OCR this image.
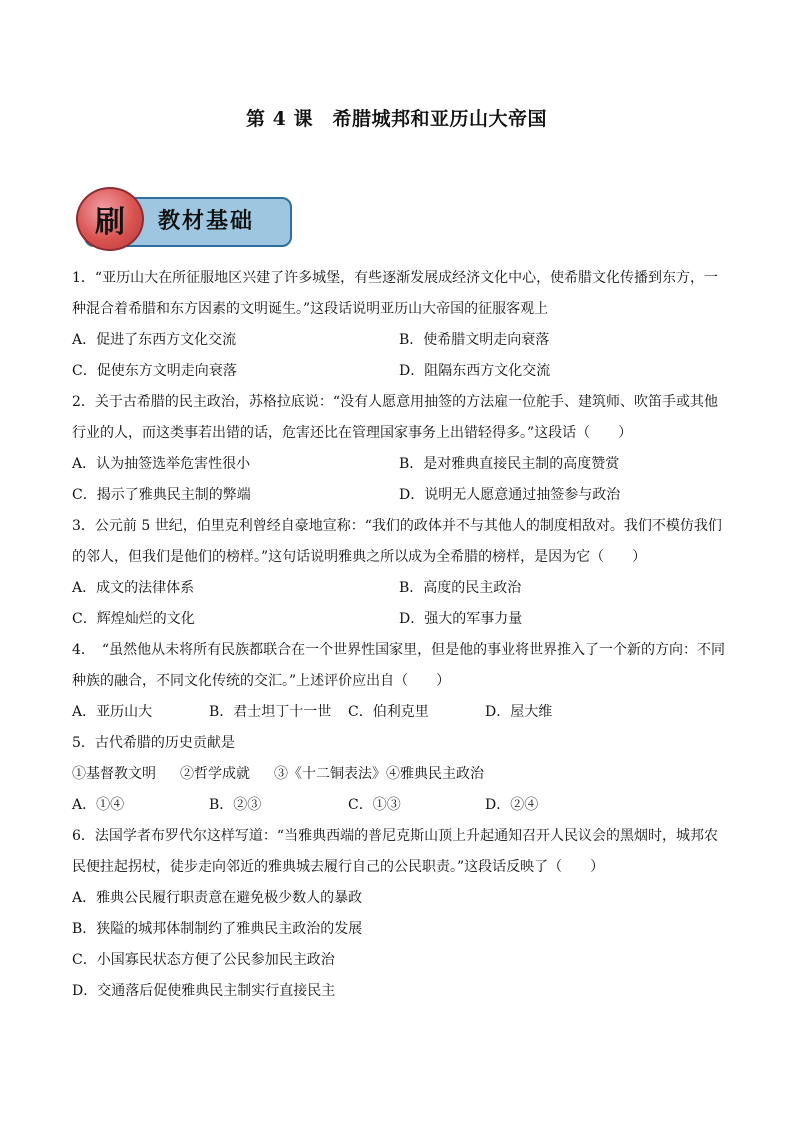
第 4 课　希腊城邦和亚历山大帝国
刷 教材基础

1．“亚历山大在所征服地区兴建了许多城堡，有些逐渐发展成经济文化中心，使希腊文化传播到东方，一种混合着希腊和东方因素的文明诞生。”这段话说明亚历山大帝国的征服客观上

A．促进了东西方文化交流	B．使希腊文明走向衰落
C．促使东方文明走向衰落	D．阻隔东西方文化交流

2．关于古希腊的民主政治，苏格拉底说：“没有人愿意用抽签的方法雇一位舵手、建筑师、吹笛手或其他行业的人，而这类事若出错的话，危害还比在管理国家事务上出错轻得多。”这段话（　　）

A．认为抽签选举危害性很小	B．是对雅典直接民主制的高度赞赏
C．揭示了雅典民主制的弊端	D．说明无人愿意通过抽签参与政治

3．公元前 5 世纪，伯里克利曾经自豪地宣称：“我们的政体并不与其他人的制度相敌对。我们不模仿我们的邻人，但我们是他们的榜样。”这句话说明雅典之所以成为全希腊的榜样，是因为它（　　）

A．成文的法律体系	B．高度的民主政治
C．辉煌灿烂的文化	D．强大的军事力量

4．　“虽然他从未将所有民族都联合在一个世界性国家里，但是他的事业将世界推入了一个新的方向：不同种族的融合，不同文化传统的交汇。”上述评价应出自（　　）

A．亚历山大	B．君士坦丁十一世	C．伯利克里	D．屋大维

5．古代希腊的历史贡献是

①基督教文明 ②哲学成就 ③《十二铜表法》④雅典民主政治
A．①④	B．②③	C．①③	D．②④

6．法国学者布罗代尔这样写道：“当雅典西端的普尼克斯山顶上升起通知召开人民议会的黑烟时，城邦农民便拄起拐杖，徒步走向邻近的雅典城去履行自己的公民职责。”这段话反映了（　　）

A．雅典公民履行职责意在避免极少数人的暴政
B．狭隘的城邦体制制约了雅典民主政治的发展
C．小国寡民状态方便了公民参加民主政治
D．交通落后促使雅典民主制实行直接民主
